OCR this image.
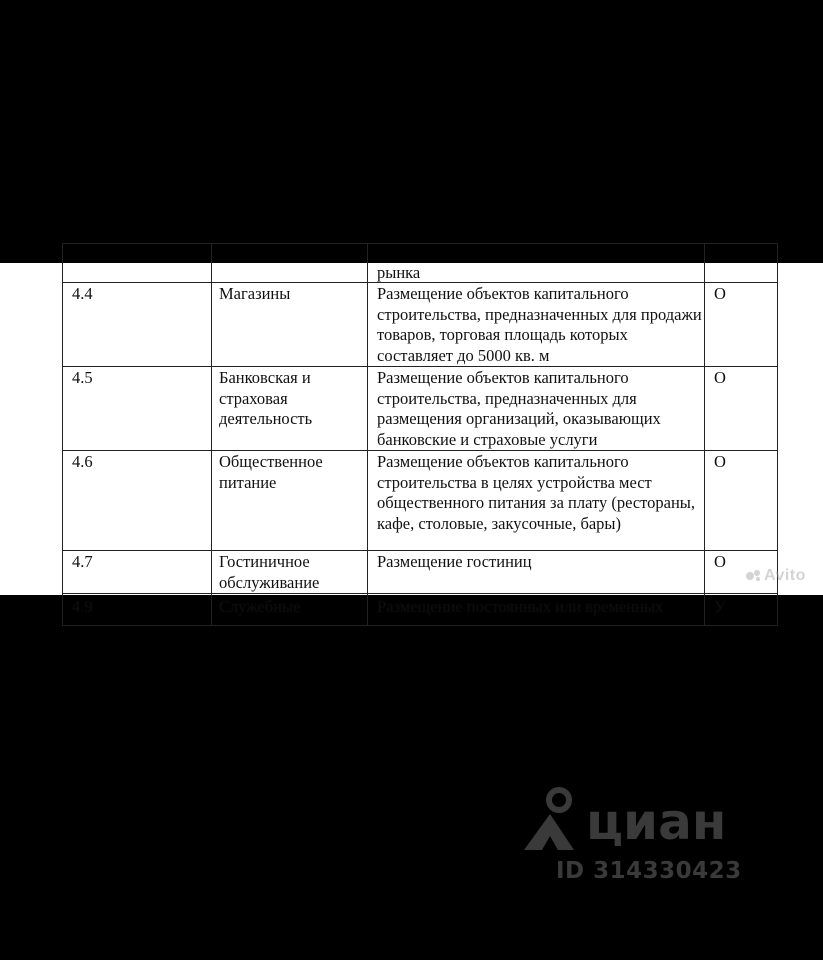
		рынка	

4.4	Магазины	Размещение объектов капитального строительства, предназначенных для продажи товаров, торговая площадь которых составляет до 5000 кв. м	О
4.5	Банковская и страховая деятельность	Размещение объектов капитального строительства, предназначенных для размещения организаций, оказывающих банковские и страховые услуги	О
4.6	Общественное питание	Размещение объектов капитального строительства в целях устройства мест общественного питания за плату (рестораны, кафе, столовые, закусочные, бары)	О
4.7	Гостиничное обслуживание	Размещение гостиниц	О

4.9	Служебные	Размещение постоянных или временных	У
Avito
циан
ID 314330423
